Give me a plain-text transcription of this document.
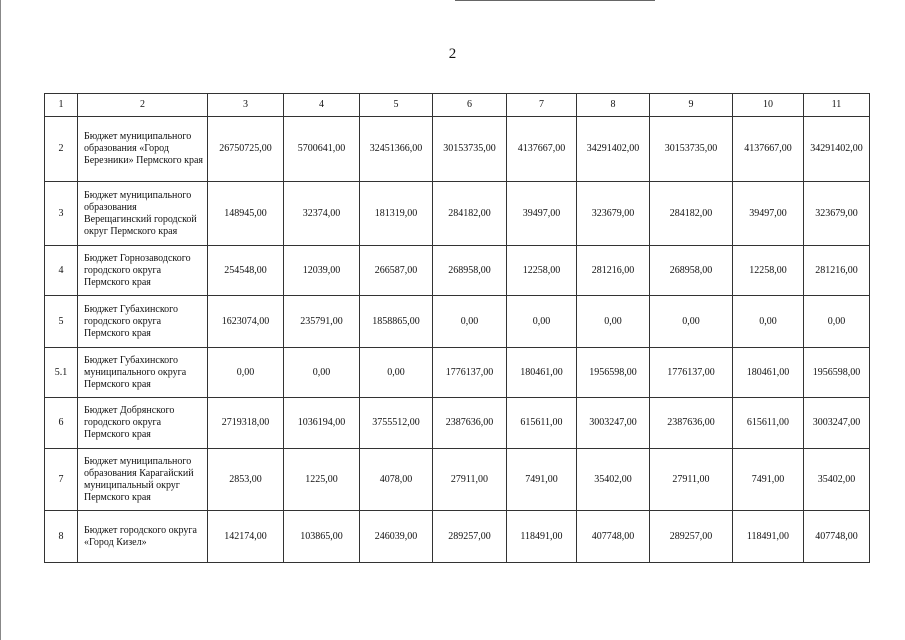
2
1	2	3	4	5	6	7	8	9	10	11
2	Бюджет муниципального образования «Город Березники» Пермского края	26750725,00	5700641,00	32451366,00	30153735,00	4137667,00	34291402,00	30153735,00	4137667,00	34291402,00
3	Бюджет муниципального образования Верещагинский городской округ Пермского края	148945,00	32374,00	181319,00	284182,00	39497,00	323679,00	284182,00	39497,00	323679,00
4	Бюджет Горнозаводского городского округа Пермского края	254548,00	12039,00	266587,00	268958,00	12258,00	281216,00	268958,00	12258,00	281216,00
5	Бюджет Губахинского городского округа Пермского края	1623074,00	235791,00	1858865,00	0,00	0,00	0,00	0,00	0,00	0,00
5.1	Бюджет Губахинского муниципального округа Пермского края	0,00	0,00	0,00	1776137,00	180461,00	1956598,00	1776137,00	180461,00	1956598,00
6	Бюджет Добрянского городского округа Пермского края	2719318,00	1036194,00	3755512,00	2387636,00	615611,00	3003247,00	2387636,00	615611,00	3003247,00
7	Бюджет муниципального образования Карагайский муниципальный округ Пермского края	2853,00	1225,00	4078,00	27911,00	7491,00	35402,00	27911,00	7491,00	35402,00
8	Бюджет городского округа «Город Кизел»	142174,00	103865,00	246039,00	289257,00	118491,00	407748,00	289257,00	118491,00	407748,00
